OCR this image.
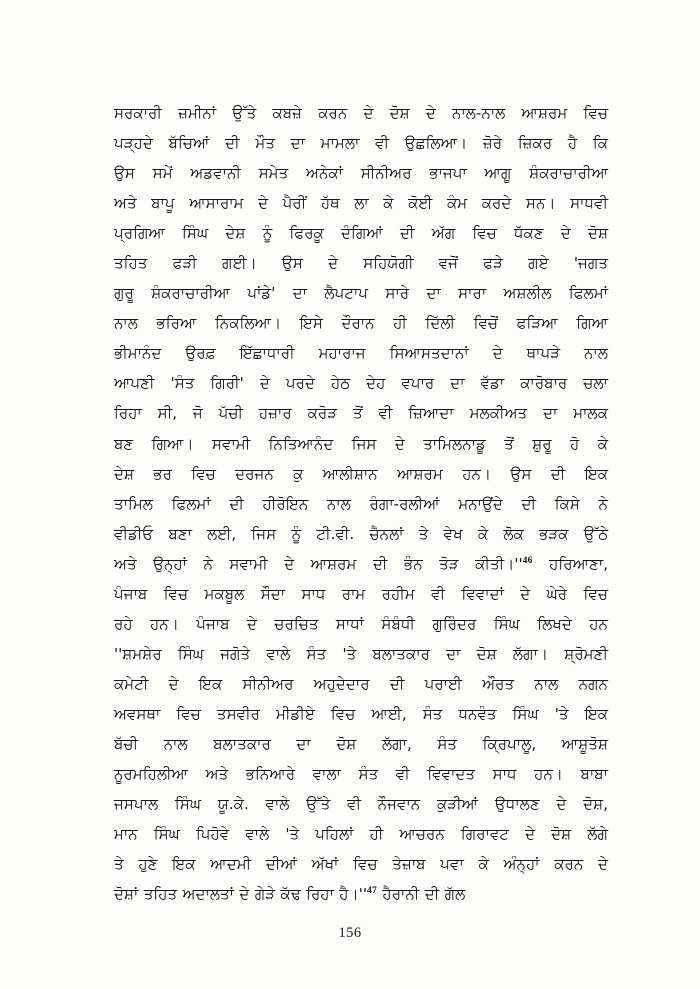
ਸਰਕਾਰੀ ਜ਼ਮੀਨਾਂ ਉੱਤੇ ਕਬਜ਼ੇ ਕਰਨ ਦੇ ਦੋਸ਼ ਦੇ ਨਾਲ-ਨਾਲ ਆਸ਼ਰਮ ਵਿਚ
ਪੜ੍ਹਦੇ ਬੱਚਿਆਂ ਦੀ ਮੌਤ ਦਾ ਮਾਮਲਾ ਵੀ ਉਛਲਿਆ। ਜ਼ੋਰੇ ਜ਼ਿਕਰ ਹੈ ਕਿ
ਉਸ ਸਮੇਂ ਅਡਵਾਨੀ ਸਮੇਤ ਅਨੇਕਾਂ ਸੀਨੀਅਰ ਭਾਜਪਾ ਆਗੂ ਸ਼ੰਕਰਾਚਾਰੀਆ
ਅਤੇ ਬਾਪੂ ਆਸਾਰਾਮ ਦੇ ਪੈਰੀਂ ਹੱਥ ਲਾ ਕੇ ਕੋਈ ਕੰਮ ਕਰਦੇ ਸਨ। ਸਾਧਵੀ
ਪ੍ਰਗਿਆ ਸਿੰਘ ਦੇਸ਼ ਨੂੰ ਫਿਰਕੂ ਦੰਗਿਆਂ ਦੀ ਅੱਗ ਵਿਚ ਧੱਕਣ ਦੇ ਦੋਸ਼
ਤਹਿਤ ਫੜੀ ਗਈ। ਉਸ ਦੇ ਸਹਿਯੋਗੀ ਵਜੋਂ ਫੜੇ ਗਏ 'ਜਗਤ
ਗੁਰੂ ਸ਼ੰਕਰਾਚਾਰੀਆ ਪਾਂਡੇ' ਦਾ ਲੈਪਟਾਪ ਸਾਰੇ ਦਾ ਸਾਰਾ ਅਸ਼ਲੀਲ ਫਿਲਮਾਂ
ਨਾਲ ਭਰਿਆ ਨਿਕਲਿਆ। ਇਸੇ ਦੌਰਾਨ ਹੀ ਦਿੱਲੀ ਵਿਚੋਂ ਫੜਿਆ ਗਿਆ
ਭੀਮਾਨੰਦ ਉਰਫ਼ ਇੱਛਾਧਾਰੀ ਮਹਾਰਾਜ ਸਿਆਸਤਦਾਨਾਂ ਦੇ ਥਾਪੜੇ ਨਾਲ
ਆਪਣੀ 'ਸੰਤ ਗਿਰੀ' ਦੇ ਪਰਦੇ ਹੇਠ ਦੇਹ ਵਪਾਰ ਦਾ ਵੱਡਾ ਕਾਰੋਬਾਰ ਚਲਾ
ਰਿਹਾ ਸੀ, ਜੋ ਪੱਚੀ ਹਜ਼ਾਰ ਕਰੋੜ ਤੋਂ ਵੀ ਜ਼ਿਆਦਾ ਮਲਕੀਅਤ ਦਾ ਮਾਲਕ
ਬਣ ਗਿਆ। ਸਵਾਮੀ ਨਿਤਿਆਨੰਦ ਜਿਸ ਦੇ ਤਾਮਿਲਨਾਡੂ ਤੋਂ ਸ਼ੁਰੂ ਹੋ ਕੇ
ਦੇਸ਼ ਭਰ ਵਿਚ ਦਰਜਨ ਕੁ ਆਲੀਸ਼ਾਨ ਆਸ਼ਰਮ ਹਨ। ਉਸ ਦੀ ਇਕ
ਤਾਮਿਲ ਫਿਲਮਾਂ ਦੀ ਹੀਰੋਇਨ ਨਾਲ ਰੰਗਾ-ਰਲੀਆਂ ਮਨਾਉਂਦੇ ਦੀ ਕਿਸੇ ਨੇ
ਵੀਡੀਓ ਬਣਾ ਲਈ, ਜਿਸ ਨੂੰ ਟੀ.ਵੀ. ਚੈਨਲਾਂ ਤੇ ਵੇਖ ਕੇ ਲੋਕ ਭੜਕ ਉੱਠੇ
ਅਤੇ ਉਨ੍ਹਾਂ ਨੇ ਸਵਾਮੀ ਦੇ ਆਸ਼ਰਮ ਦੀ ਭੰਨ ਤੋੜ ਕੀਤੀ।''$^{46}$ ਹਰਿਆਣਾ,
ਪੰਜਾਬ ਵਿਚ ਮਕਬੂਲ ਸੌਦਾ ਸਾਧ ਰਾਮ ਰਹੀਮ ਵੀ ਵਿਵਾਦਾਂ ਦੇ ਘੇਰੇ ਵਿਚ
ਰਹੇ ਹਨ। ਪੰਜਾਬ ਦੇ ਚਰਚਿਤ ਸਾਧਾਂ ਸੰਬੰਧੀ ਗੁਰਿੰਦਰ ਸਿੰਘ ਲਿਖਦੇ ਹਨ
''ਸ਼ਮਸ਼ੇਰ ਸਿੰਘ ਜਗੋਤੇ ਵਾਲੇ ਸੰਤ 'ਤੇ ਬਲਾਤਕਾਰ ਦਾ ਦੋਸ਼ ਲੱਗਾ। ਸ਼੍ਰੋਮਣੀ
ਕਮੇਟੀ ਦੇ ਇਕ ਸੀਨੀਅਰ ਅਹੁਦੇਦਾਰ ਦੀ ਪਰਾਈ ਔਰਤ ਨਾਲ ਨਗਨ
ਅਵਸਥਾ ਵਿਚ ਤਸਵੀਰ ਮੀਡੀਏ ਵਿਚ ਆਈ, ਸੰਤ ਧਨਵੰਤ ਸਿੰਘ 'ਤੇ ਇਕ
ਬੱਚੀ ਨਾਲ ਬਲਾਤਕਾਰ ਦਾ ਦੋਸ਼ ਲੱਗਾ, ਸੰਤ ਕ੍ਰਿਪਾਲੂ, ਆਸ਼ੂਤੋਸ਼
ਨੂਰਮਹਿਲੀਆ ਅਤੇ ਭਨਿਆਰੇ ਵਾਲਾ ਸੰਤ ਵੀ ਵਿਵਾਦਤ ਸਾਧ ਹਨ। ਬਾਬਾ
ਜਸਪਾਲ ਸਿੰਘ ਯੂ.ਕੇ. ਵਾਲੇ ਉੱਤੇ ਵੀ ਨੌਜਵਾਨ ਕੁੜੀਆਂ ਉਧਾਲਣ ਦੇ ਦੋਸ਼,
ਮਾਨ ਸਿੰਘ ਪਿਹੋਵੇ ਵਾਲੇ 'ਤੇ ਪਹਿਲਾਂ ਹੀ ਆਚਰਨ ਗਿਰਾਵਟ ਦੇ ਦੋਸ਼ ਲੱਗੇ
ਤੇ ਹੁਣੇ ਇਕ ਆਦਮੀ ਦੀਆਂ ਅੱਖਾਂ ਵਿਚ ਤੇਜ਼ਾਬ ਪਵਾ ਕੇ ਅੰਨ੍ਹਾਂ ਕਰਨ ਦੇ
ਦੋਸ਼ਾਂ ਤਹਿਤ ਅਦਾਲਤਾਂ ਦੇ ਗੇੜੇ ਕੱਢ ਰਿਹਾ ਹੈ।''$^{47}$ ਹੈਰਾਨੀ ਦੀ ਗੱਲ
156
